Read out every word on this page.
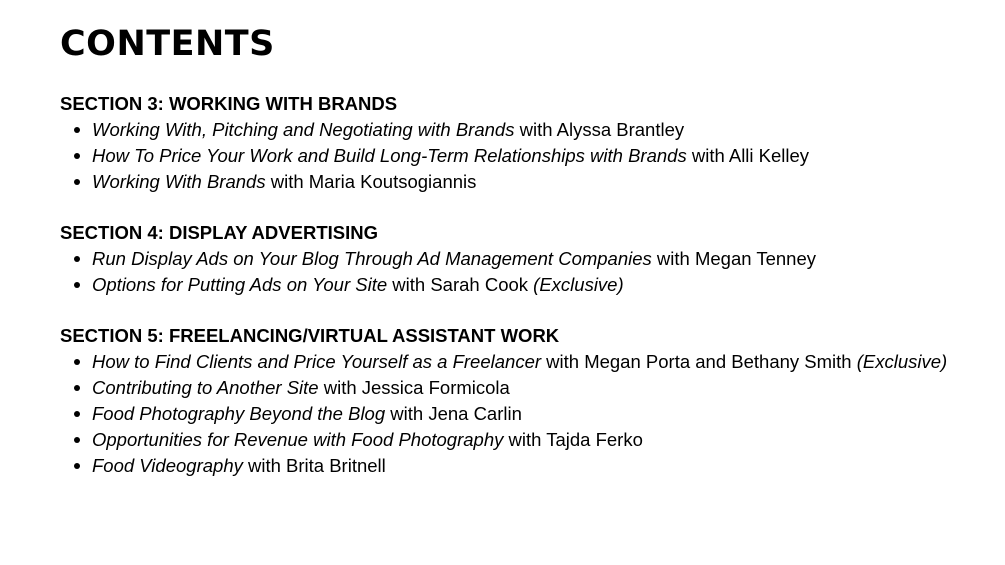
CONTENTS
SECTION 3: WORKING WITH BRANDS
Working With, Pitching and Negotiating with Brands with Alyssa Brantley
How To Price Your Work and Build Long-Term Relationships with Brands with Alli Kelley
Working With Brands with Maria Koutsogiannis
SECTION 4: DISPLAY ADVERTISING
Run Display Ads on Your Blog Through Ad Management Companies with Megan Tenney
Options for Putting Ads on Your Site with Sarah Cook (Exclusive)
SECTION 5: FREELANCING/VIRTUAL ASSISTANT WORK
How to Find Clients and Price Yourself as a Freelancer with Megan Porta and Bethany Smith (Exclusive)
Contributing to Another Site with Jessica Formicola
Food Photography Beyond the Blog with Jena Carlin
Opportunities for Revenue with Food Photography with Tajda Ferko
Food Videography with Brita Britnell
